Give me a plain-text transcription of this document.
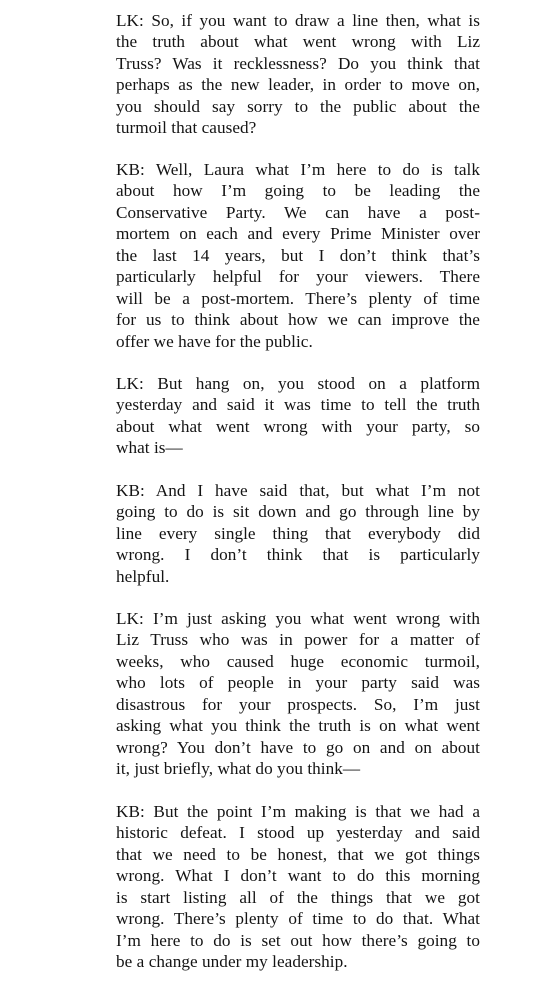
LK: So, if you want to draw a line then, what is
the truth about what went wrong with Liz
Truss? Was it recklessness? Do you think that
perhaps as the new leader, in order to move on,
you should say sorry to the public about the
turmoil that caused?
KB: Well, Laura what I’m here to do is talk
about how I’m going to be leading the
Conservative Party. We can have a post-
mortem on each and every Prime Minister over
the last 14 years, but I don’t think that’s
particularly helpful for your viewers. There
will be a post-mortem. There’s plenty of time
for us to think about how we can improve the
offer we have for the public.
LK: But hang on, you stood on a platform
yesterday and said it was time to tell the truth
about what went wrong with your party, so
what is—
KB: And I have said that, but what I’m not
going to do is sit down and go through line by
line every single thing that everybody did
wrong. I don’t think that is particularly
helpful.
LK: I’m just asking you what went wrong with
Liz Truss who was in power for a matter of
weeks, who caused huge economic turmoil,
who lots of people in your party said was
disastrous for your prospects. So, I’m just
asking what you think the truth is on what went
wrong? You don’t have to go on and on about
it, just briefly, what do you think—
KB: But the point I’m making is that we had a
historic defeat. I stood up yesterday and said
that we need to be honest, that we got things
wrong. What I don’t want to do this morning
is start listing all of the things that we got
wrong. There’s plenty of time to do that. What
I’m here to do is set out how there’s going to
be a change under my leadership.
